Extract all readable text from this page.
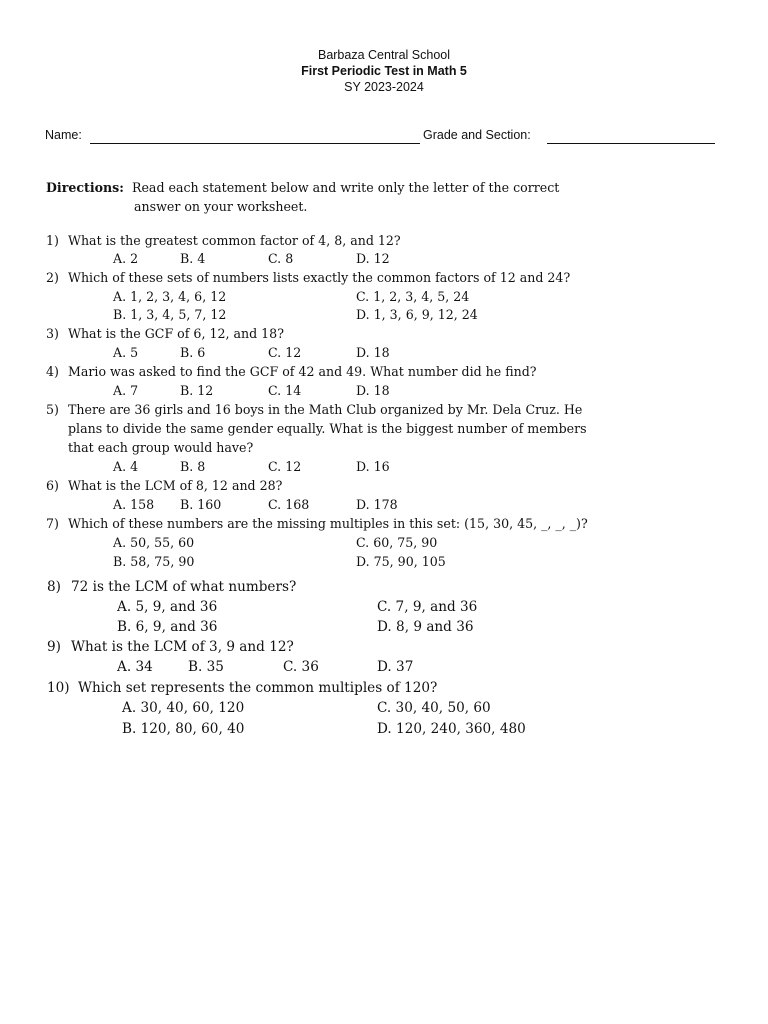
Barbaza Central School
First Periodic Test in Math 5
SY 2023-2024
Name:	Grade and Section:
Directions: Read each statement below and write only the letter of the correct
answer on your worksheet.
1) What is the greatest common factor of 4, 8, and 12?
A. 2	B. 4	C. 8	D. 12
2) Which of these sets of numbers lists exactly the common factors of 12 and 24?
A. 1, 2, 3, 4, 6, 12	C. 1, 2, 3, 4, 5, 24
B. 1, 3, 4, 5, 7, 12	D. 1, 3, 6, 9, 12, 24
3) What is the GCF of 6, 12, and 18?
A. 5	B. 6	C. 12	D. 18
4) Mario was asked to find the GCF of 42 and 49. What number did he find?
A. 7	B. 12	C. 14	D. 18
5) There are 36 girls and 16 boys in the Math Club organized by Mr. Dela Cruz. He
plans to divide the same gender equally. What is the biggest number of members
that each group would have?
A. 4	B. 8	C. 12	D. 16
6) What is the LCM of 8, 12 and 28?
A. 158 B. 160	C. 168	D. 178
7) Which of these numbers are the missing multiples in this set: (15, 30, 45, _, _, _)?
A. 50, 55, 60	C. 60, 75, 90
B. 58, 75, 90	D. 75, 90, 105
8) 72 is the LCM of what numbers?
A. 5, 9, and 36	C. 7, 9, and 36
B. 6, 9, and 36	D. 8, 9 and 36
9) What is the LCM of 3, 9 and 12?
A. 34	B. 35	C. 36	D. 37
10) Which set represents the common multiples of 120?
A. 30, 40, 60, 120	C. 30, 40, 50, 60
B. 120, 80, 60, 40	D. 120, 240, 360, 480
